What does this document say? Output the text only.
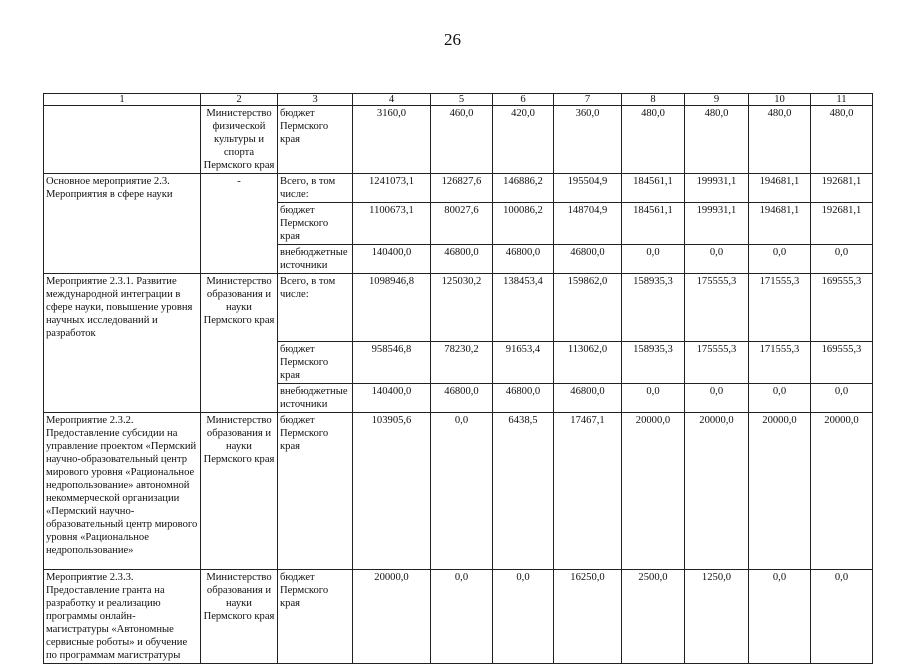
26
1	2	3	4	5	6	7	8	9	10	11
	Министерство физической культуры и спорта Пермского края	бюджет Пермского края	3160,0	460,0	420,0	360,0	480,0	480,0	480,0	480,0
Основное мероприятие 2.3. Мероприятия в сфере науки	-	Всего, в том числе:	1241073,1	126827,6	146886,2	195504,9	184561,1	199931,1	194681,1	192681,1
		бюджет Пермского края	1100673,1	80027,6	100086,2	148704,9	184561,1	199931,1	194681,1	192681,1
		внебюджетные источники	140400,0	46800,0	46800,0	46800,0	0,0	0,0	0,0	0,0
Мероприятие 2.3.1. Развитие международной интеграции в сфере науки, повышение уровня научных исследований и разработок	Министерство образования и науки Пермского края	Всего, в том числе:	1098946,8	125030,2	138453,4	159862,0	158935,3	175555,3	171555,3	169555,3
		бюджет Пермского края	958546,8	78230,2	91653,4	113062,0	158935,3	175555,3	171555,3	169555,3
		внебюджетные источники	140400,0	46800,0	46800,0	46800,0	0,0	0,0	0,0	0,0
Мероприятие 2.3.2. Предоставление субсидии на управление проектом «Пермский научно-образовательный центр мирового уровня «Рациональное недропользование» автономной некоммерческой организации «Пермский научно-образовательный центр мирового уровня «Рациональное недропользование»	Министерство образования и науки Пермского края	бюджет Пермского края	103905,6	0,0	6438,5	17467,1	20000,0	20000,0	20000,0	20000,0
Мероприятие 2.3.3. Предоставление гранта на разработку и реализацию программы онлайн-магистратуры «Автономные сервисные роботы» и обучение по программам магистратуры	Министерство образования и науки Пермского края	бюджет Пермского края	20000,0	0,0	0,0	16250,0	2500,0	1250,0	0,0	0,0
